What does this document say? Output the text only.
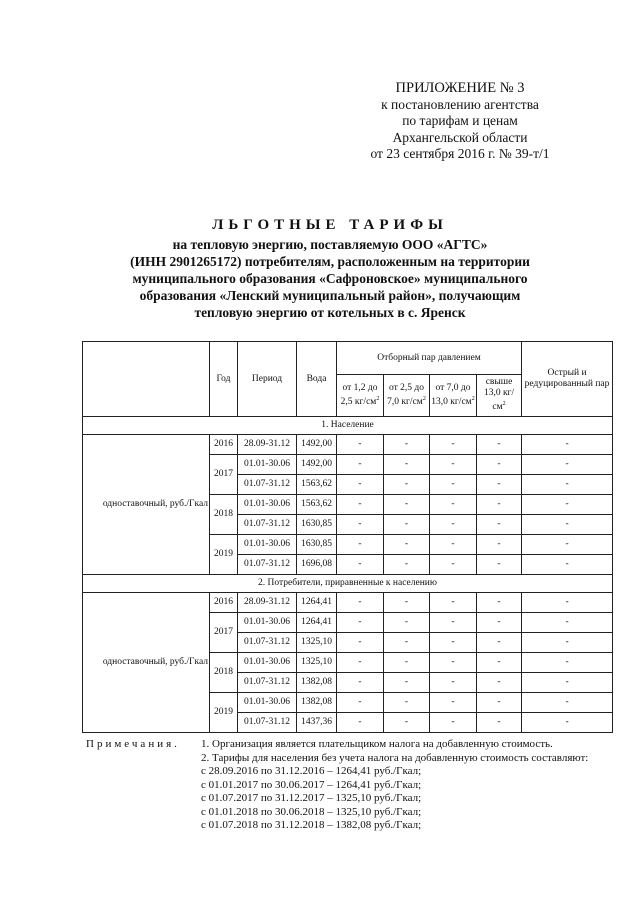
ПРИЛОЖЕНИЕ № 3
к постановлению агентства
по тарифам и ценам
Архангельской области
от 23 сентября 2016 г. № 39-т/1
ЛЬГОТНЫЕ ТАРИФЫ
на тепловую энергию, поставляемую ООО «АГТС»
(ИНН 2901265172) потребителям, расположенным на территории
муниципального образования «Сафроновское» муниципального
образования «Ленский муниципальный район», получающим
тепловую энергию от котельных в с. Яренск
	Год	Период	Вода	Отборный пар давлением				Острый и редуцированный пар
				от 1,2 до 2,5 $кг/см^2$	от 2,5 до 7,0 $кг/см^2$	от 7,0 до 13,0 $кг/см^2$	свыше 13,0 $кг/см^2$
1. Население								
одноставочный, руб./Гкал	2016	28.09-31.12	1492,00	-	-	-	-	-
	2017	01.01-30.06	1492,00	-	-	-	-	-
		01.07-31.12	1563,62	-	-	-	-	-
	2018	01.01-30.06	1563,62	-	-	-	-	-
		01.07-31.12	1630,85	-	-	-	-	-
	2019	01.01-30.06	1630,85	-	-	-	-	-
		01.07-31.12	1696,08	-	-	-	-	-
2. Потребители, приравненные к населению								
одноставочный, руб./Гкал	2016	28.09-31.12	1264,41	-	-	-	-	-
	2017	01.01-30.06	1264,41	-	-	-	-	-
		01.07-31.12	1325,10	-	-	-	-	-
	2018	01.01-30.06	1325,10	-	-	-	-	-
		01.07-31.12	1382,08	-	-	-	-	-
	2019	01.01-30.06	1382,08	-	-	-	-	-
		01.07-31.12	1437,36	-	-	-	-	-
Примечания. 1. Организация является плательщиком налога на добавленную стоимость.
2. Тарифы для населения без учета налога на добавленную стоимость составляют:
с 28.09.2016 по 31.12.2016 – 1264,41 руб./Гкал;
с 01.01.2017 по 30.06.2017 – 1264,41 руб./Гкал;
с 01.07.2017 по 31.12.2017 – 1325,10 руб./Гкал;
с 01.01.2018 по 30.06.2018 – 1325,10 руб./Гкал;
с 01.07.2018 по 31.12.2018 – 1382,08 руб./Гкал;
